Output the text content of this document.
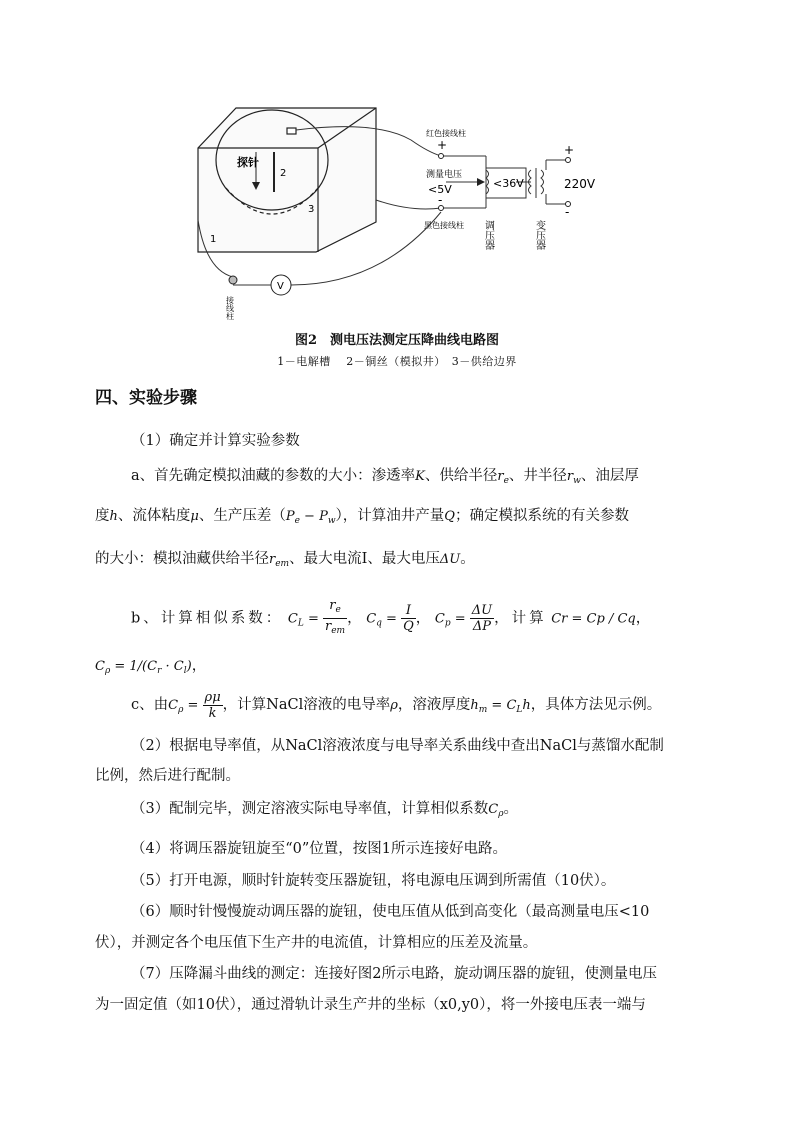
探针
2
3
1
V
红色接线柱
+
测量电压
<5V
-
黑色接线柱
<36V
+
220V
-
调压器	变压器
接线柱
图2　测电压法测定压降曲线电路图
1－电解槽　 2－铜丝（模拟井）　3－供给边界
四、实验步骤
（1）确定并计算实验参数
a、首先确定模拟油藏的参数的大小：渗透率K、供给半径$r_e$、井半径$r_w$、油层厚
度h、流体粘度μ、生产压差$(P_e - P_w)$，计算油井产量Q；确定模拟系统的有关参数
的大小：模拟油藏供给半径$r_{em}$、最大电流I、最大电压ΔU。
b、计算相似系数： $C_L = \frac{r_e}{r_{em}}$ ， $C_q = \frac{I}{Q}$ ， $C_p = \frac{\Delta U}{\Delta P}$ ，计算 Cr = Cp / Cq，
$C_\rho = 1/(C_r \cdot C_l)$，
c、由$C_\rho = \frac{\rho\mu}{k}$ ，计算NaCl溶液的电导率ρ，溶液厚度$h_m = C_Lh$，具体方法见示例。
（2）根据电导率值，从NaCl溶液浓度与电导率关系曲线中查出NaCl与蒸馏水配制
比例，然后进行配制。
（3）配制完毕，测定溶液实际电导率值，计算相似系数$C_\rho$。
（4）将调压器旋钮旋至“0”位置，按图1所示连接好电路。
（5）打开电源，顺时针旋转变压器旋钮，将电源电压调到所需值（10伏）。
（6）顺时针慢慢旋动调压器的旋钮，使电压值从低到高变化（最高测量电压<10
伏），并测定各个电压值下生产井的电流值，计算相应的压差及流量。
（7）压降漏斗曲线的测定：连接好图2所示电路，旋动调压器的旋钮，使测量电压
为一固定值（如10伏），通过滑轨计录生产井的坐标（x0,y0），将一外接电压表一端与
